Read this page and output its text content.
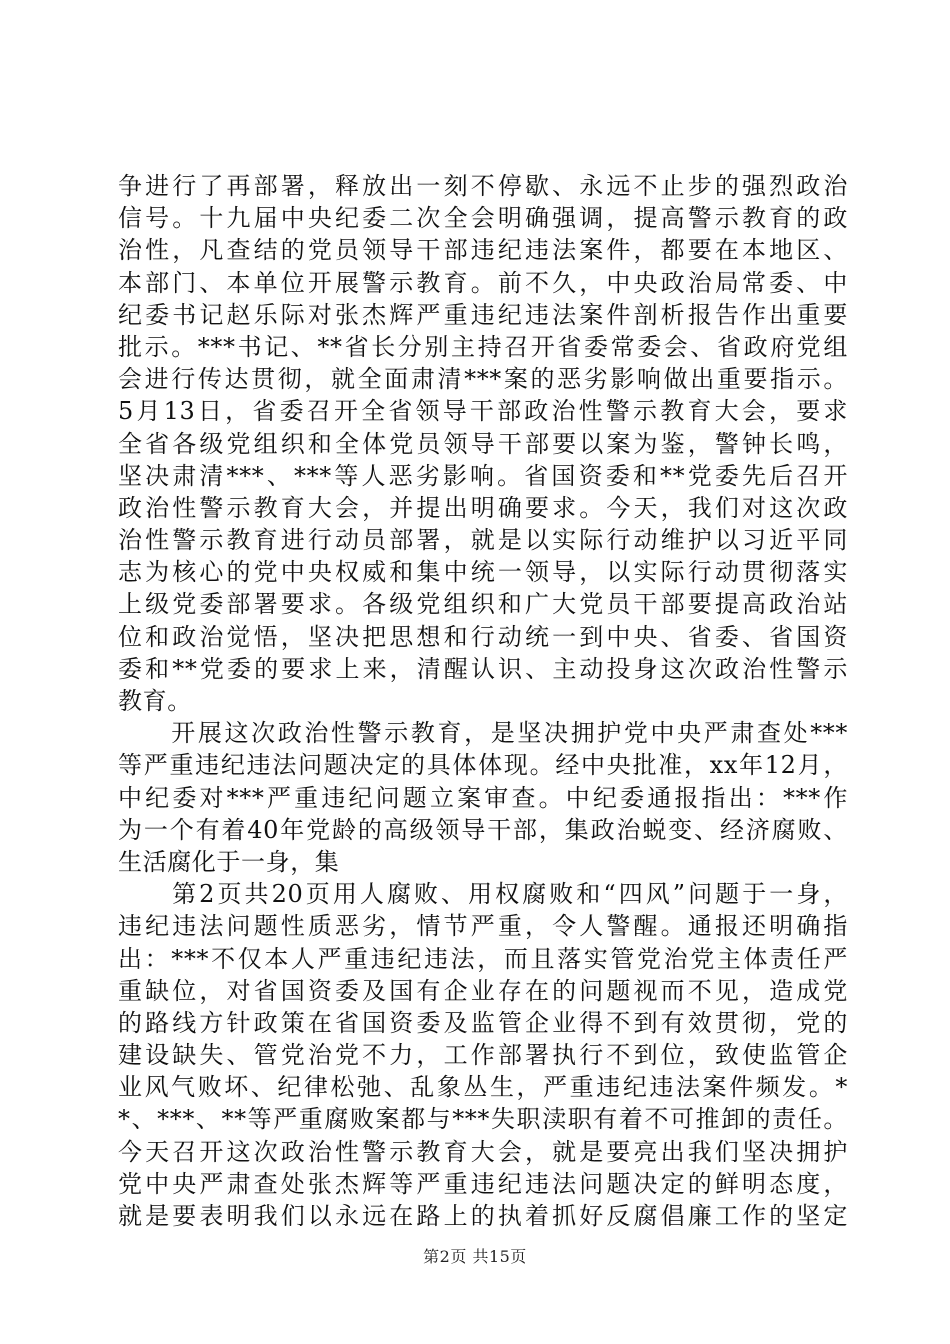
争进行了再部署，释放出一刻不停歇、永远不止步的强烈政治
信号。十九届中央纪委二次全会明确强调，提高警示教育的政
治性，凡查结的党员领导干部违纪违法案件，都要在本地区、
本部门、本单位开展警示教育。前不久，中央政治局常委、中
纪委书记赵乐际对张杰辉严重违纪违法案件剖析报告作出重要
批示。***书记、**省长分别主持召开省委常委会、省政府党组
会进行传达贯彻，就全面肃清***案的恶劣影响做出重要指示。
5月13日，省委召开全省领导干部政治性警示教育大会，要求
全省各级党组织和全体党员领导干部要以案为鉴，警钟长鸣，
坚决肃清***、***等人恶劣影响。省国资委和**党委先后召开
政治性警示教育大会，并提出明确要求。今天，我们对这次政
治性警示教育进行动员部署，就是以实际行动维护以习近平同
志为核心的党中央权威和集中统一领导，以实际行动贯彻落实
上级党委部署要求。各级党组织和广大党员干部要提高政治站
位和政治觉悟，坚决把思想和行动统一到中央、省委、省国资
委和**党委的要求上来，清醒认识、主动投身这次政治性警示
教育。
　　开展这次政治性警示教育，是坚决拥护党中央严肃查处***
等严重违纪违法问题决定的具体体现。经中央批准，xx年12月，
中纪委对***严重违纪问题立案审查。中纪委通报指出：***作
为一个有着40年党龄的高级领导干部，集政治蜕变、经济腐败、
生活腐化于一身，集
　　第2页共20页用人腐败、用权腐败和“四风”问题于一身，
违纪违法问题性质恶劣，情节严重，令人警醒。通报还明确指
出：***不仅本人严重违纪违法，而且落实管党治党主体责任严
重缺位，对省国资委及国有企业存在的问题视而不见，造成党
的路线方针政策在省国资委及监管企业得不到有效贯彻，党的
建设缺失、管党治党不力，工作部署执行不到位，致使监管企
业风气败坏、纪律松弛、乱象丛生，严重违纪违法案件频发。*
*、***、**等严重腐败案都与***失职渎职有着不可推卸的责任。
今天召开这次政治性警示教育大会，就是要亮出我们坚决拥护
党中央严肃查处张杰辉等严重违纪违法问题决定的鲜明态度，
就是要表明我们以永远在路上的执着抓好反腐倡廉工作的坚定
第2页 共15页
